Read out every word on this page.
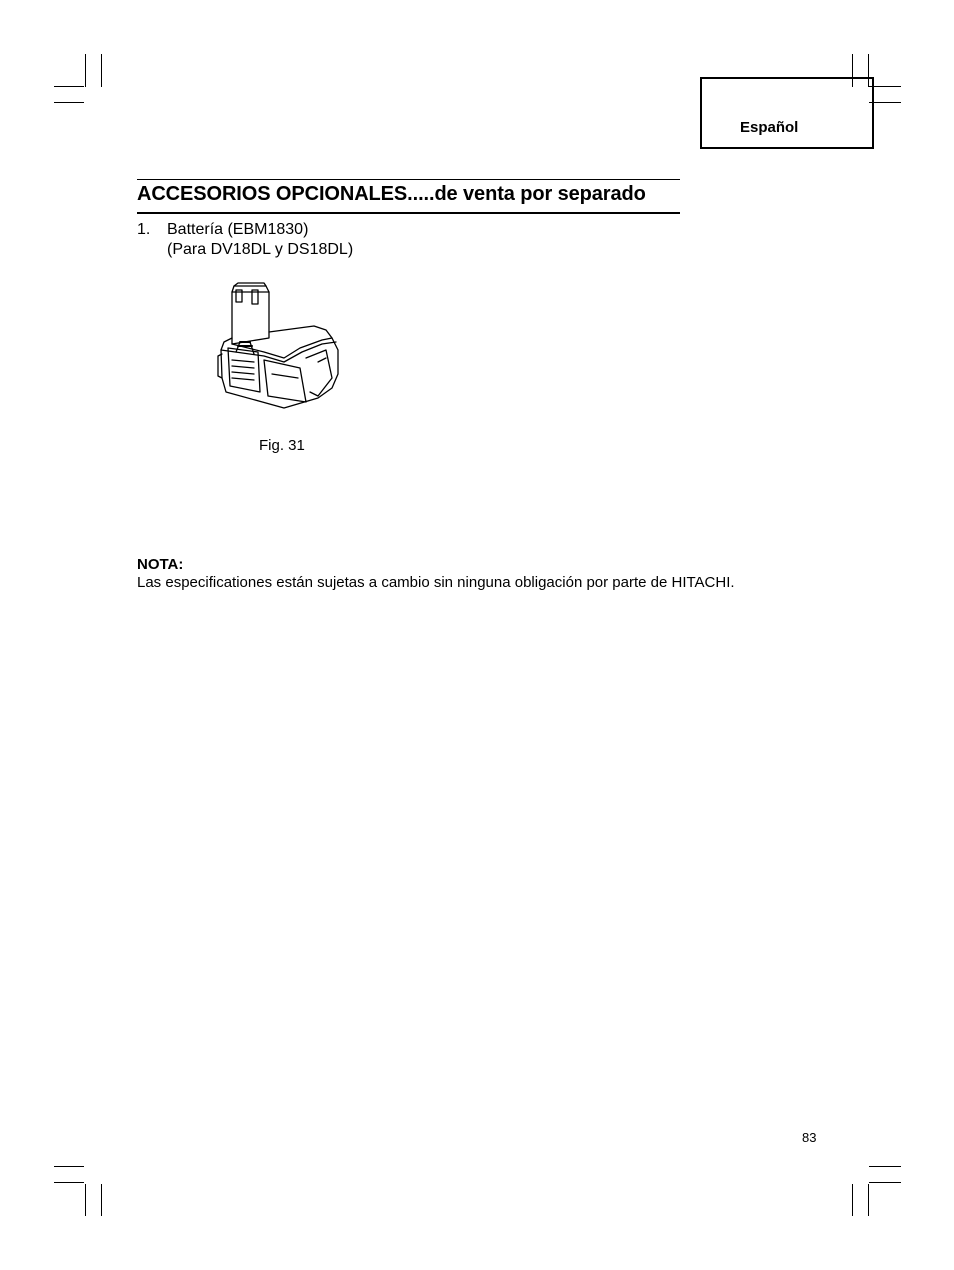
Español
ACCESORIOS OPCIONALES.....de venta por separado
1. Battería (EBM1830)
(Para DV18DL y DS18DL)
Fig. 31
NOTA:
Las especificationes están sujetas a cambio sin ninguna obligación por parte de HITACHI.
83
